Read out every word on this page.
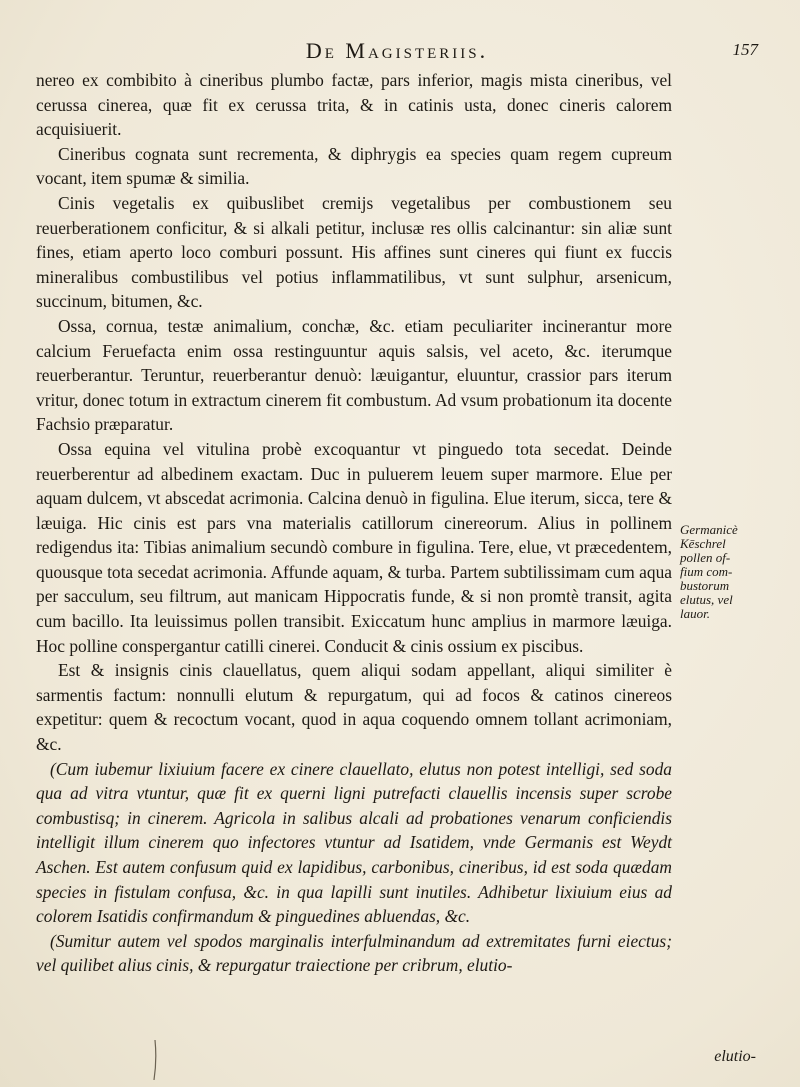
De Magisteriis.	157

nereo ex combibito à cineribus plumbo factæ, pars inferior, magis mista cineribus, vel cerussa cinerea, quæ fit ex cerussa trita, & in catinis usta, donec cineris calorem acquisiuerit.

Cineribus cognata sunt recrementa, & diphrygis ea species quam regem cupreum vocant, item spumæ & similia.

Cinis vegetalis ex quibuslibet cremijs vegetalibus per combustionem seu reuerberationem conficitur, & si alkali petitur, inclusæ res ollis calcinantur: sin aliæ sunt fines, etiam aperto loco comburi possunt. His affines sunt cineres qui fiunt ex fuccis mineralibus combustilibus vel potius inflammatilibus, vt sunt sulphur, arsenicum, succinum, bitumen, &c.

Ossa, cornua, testæ animalium, conchæ, &c. etiam peculiariter incinerantur more calcium Feruefacta enim ossa restinguuntur aquis salsis, vel aceto, &c. iterumque reuerberantur. Teruntur, reuerberantur denuò: læuigantur, eluuntur, crassior pars iterum vritur, donec totum in extractum cinerem fit combustum. Ad vsum probationum ita docente Fachsio præparatur.

Ossa equina vel vitulina probè excoquantur vt pinguedo tota secedat. Deinde reuerberentur ad albedinem exactam. Duc in puluerem leuem super marmore. Elue per aquam dulcem, vt abscedat acrimonia. Calcina denuò in figulina. Elue iterum, sicca, tere & læuiga. Hic cinis est pars vna materialis catillorum cinereorum. Alius in pollinem redigendus ita: Tibias animalium secundò combure in figulina. Tere, elue, vt præcedentem, quousque tota secedat acrimonia. Affunde aquam, & turba. Partem subtilissimam cum aqua per sacculum, seu filtrum, aut manicam Hippocratis funde, & si non promtè transit, agita cum bacillo. Ita leuissimus pollen transibit. Exiccatum hunc amplius in marmore læuiga. Hoc polline conspergantur catilli cinerei. Conducit & cinis ossium ex piscibus.

Est & insignis cinis clauellatus, quem aliqui sodam appellant, aliqui similiter è sarmentis factum: nonnulli elutum & repurgatum, qui ad focos & catinos cinereos expetitur: quem & recoctum vocant, quod in aqua coquendo omnem tollant acrimoniam, &c.

(Cum iubemur lixiuium facere ex cinere clauellato, elutus non potest intelligi, sed soda qua ad vitra vtuntur, quæ fit ex querni ligni putrefacti clauellis incensis super scrobe combustisq; in cinerem. Agricola in salibus alcali ad probationes venarum conficiendis intelligit illum cinerem quo infectores vtuntur ad Isatidem, vnde Germanis est Weydt Aschen. Est autem confusum quid ex lapidibus, carbonibus, cineribus, id est soda quædam species in fistulam confusa, &c. in qua lapilli sunt inutiles. Adhibetur lixiuium eius ad colorem Isatidis confirmandum & pinguedines abluendas, &c.

(Sumitur autem vel spodos marginalis interfulminandum ad extremitates furni eiectus; vel quilibet alius cinis, & repurgatur traiectione per cribrum, elutio-

Germanicè
Kēschrel
pollen of-
fium com-
bustorum
elutus, vel
lauor.
elutio-
